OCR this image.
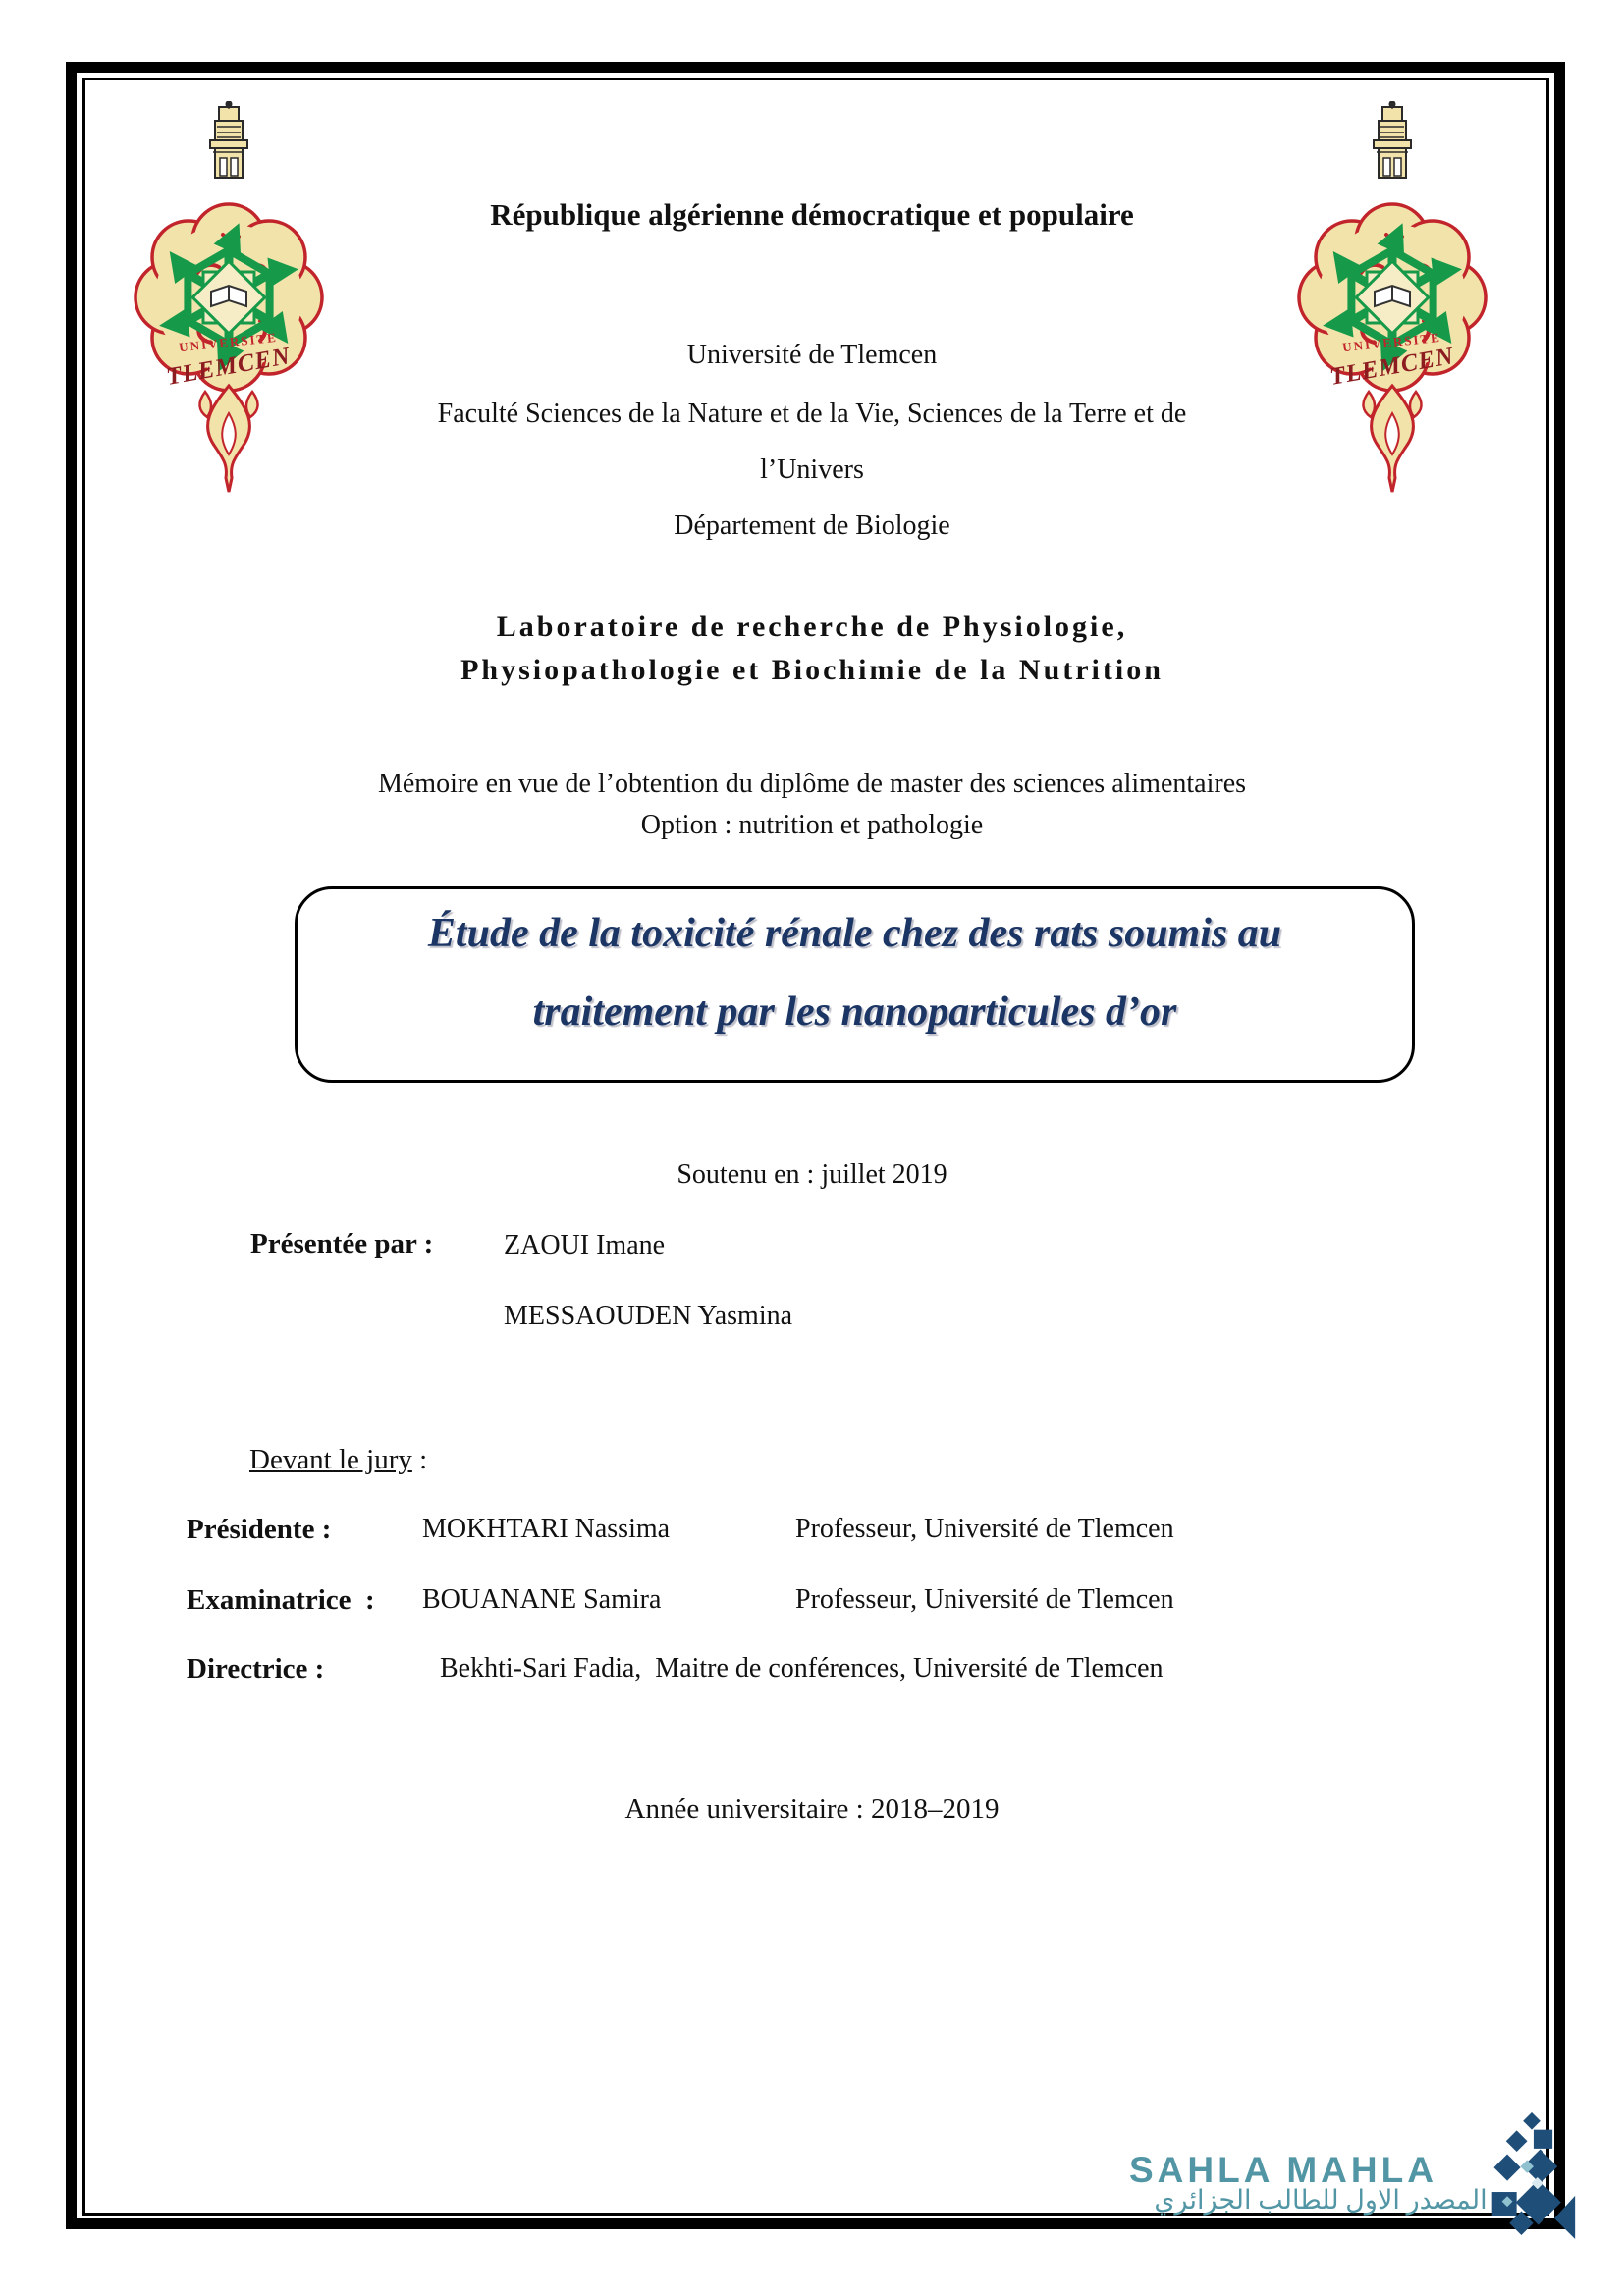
République algérienne démocratique et populaire
Université de Tlemcen
Faculté Sciences de la Nature et de la Vie, Sciences de la Terre et de
l’Univers
Département de Biologie
Laboratoire de recherche de Physiologie,
Physiopathologie et Biochimie de la Nutrition
Mémoire en vue de l’obtention du diplôme de master des sciences alimentaires
Option : nutrition et pathologie
Étude de la toxicité rénale chez des rats soumis au
traitement par les nanoparticules d’or
Soutenu en : juillet 2019
Présentée par :	ZAOUI Imane
MESSAOUDEN Yasmina
Devant le jury :
Présidente :	MOKHTARI Nassima	Professeur, Université de Tlemcen
Examinatrice  :	BOUANANE Samira	Professeur, Université de Tlemcen
Directrice :	Bekhti-Sari Fadia, Maitre de conférences, Université de Tlemcen
Année universitaire : 2018–2019
SAHLA MAHLA
المصدر الاول للطالب الجزائري
